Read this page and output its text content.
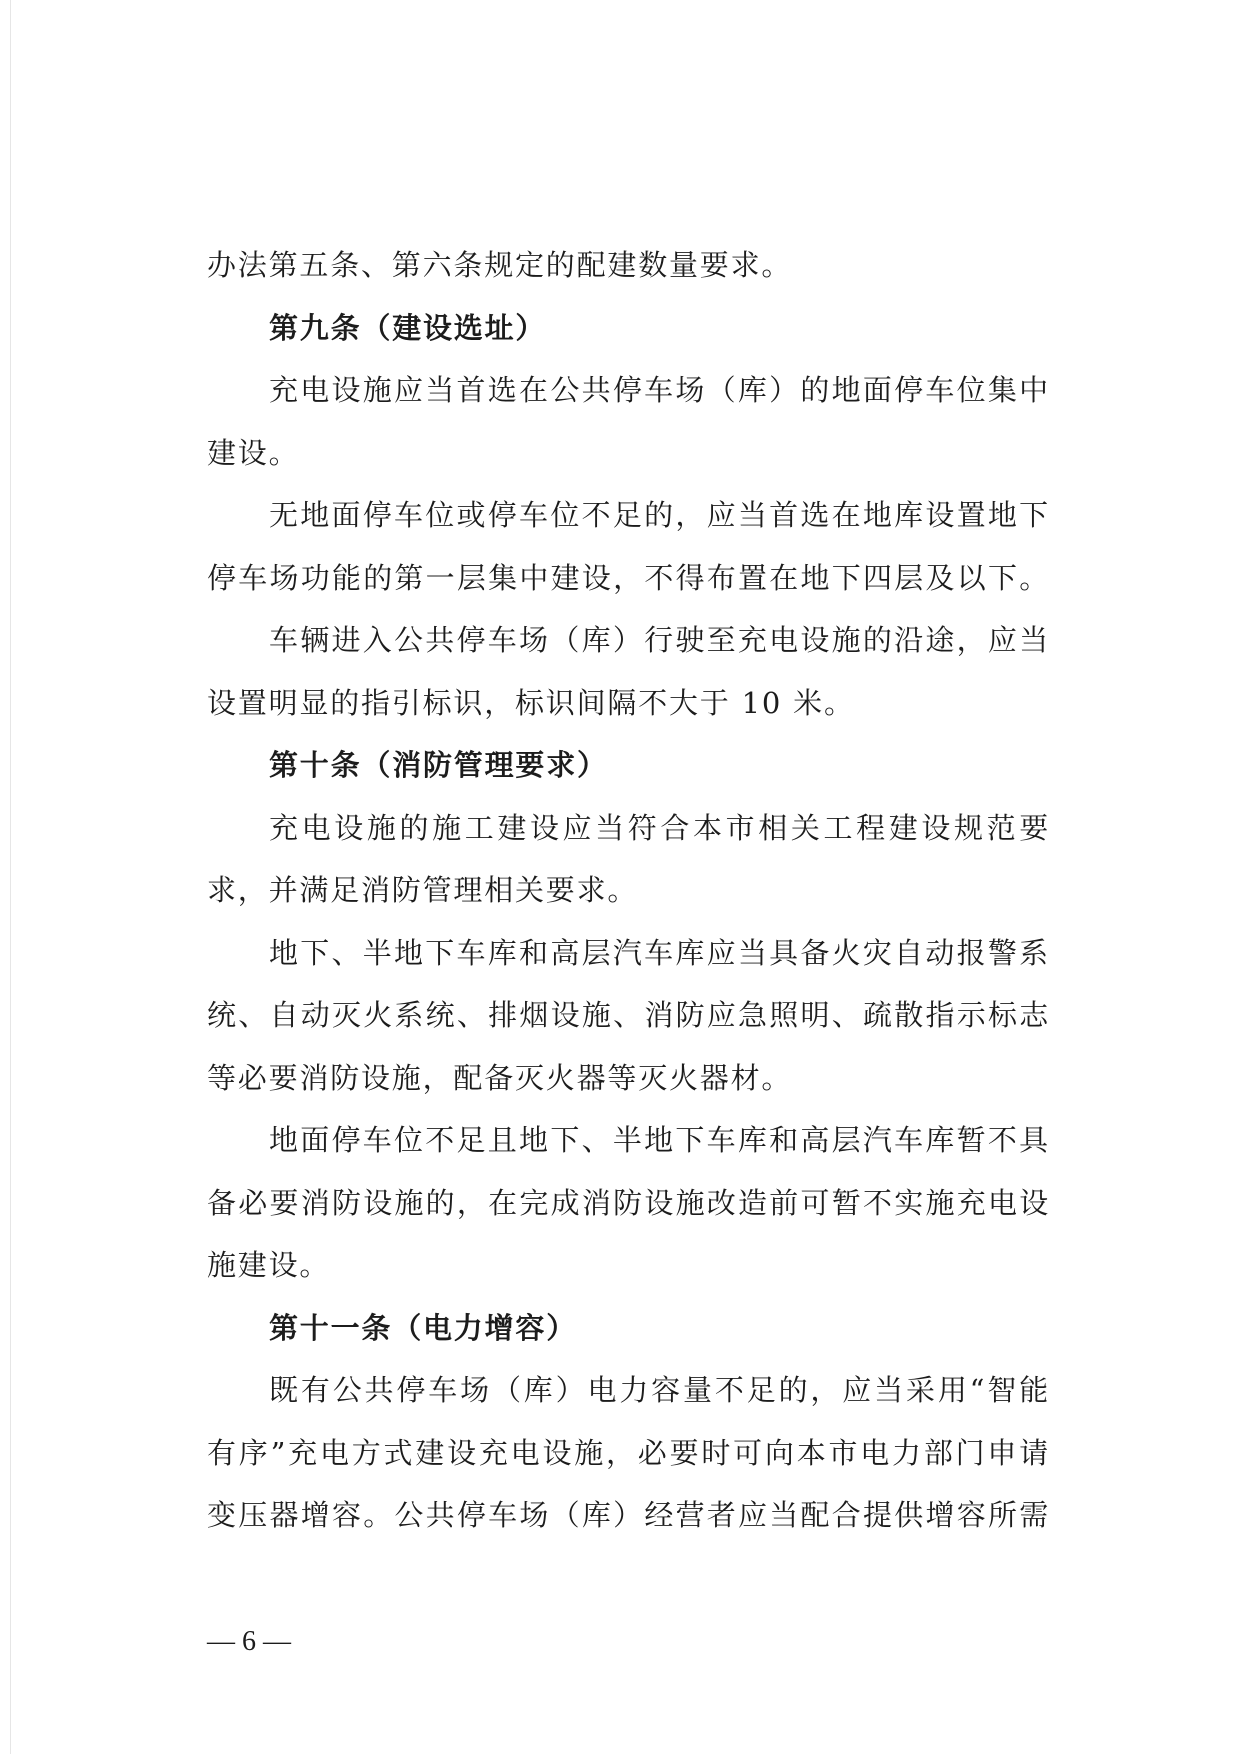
办法第五条、第六条规定的配建数量要求。
第九条（建设选址）
充电设施应当首选在公共停车场（库）的地面停车位集中
建设。
无地面停车位或停车位不足的，应当首选在地库设置地下
停车场功能的第一层集中建设，不得布置在地下四层及以下。
车辆进入公共停车场（库）行驶至充电设施的沿途，应当
设置明显的指引标识，标识间隔不大于 10 米。
第十条（消防管理要求）
充电设施的施工建设应当符合本市相关工程建设规范要
求，并满足消防管理相关要求。
地下、半地下车库和高层汽车库应当具备火灾自动报警系
统、自动灭火系统、排烟设施、消防应急照明、疏散指示标志
等必要消防设施，配备灭火器等灭火器材。
地面停车位不足且地下、半地下车库和高层汽车库暂不具
备必要消防设施的，在完成消防设施改造前可暂不实施充电设
施建设。
第十一条（电力增容）
既有公共停车场（库）电力容量不足的，应当采用“智能
有序”充电方式建设充电设施，必要时可向本市电力部门申请
变压器增容。公共停车场（库）经营者应当配合提供增容所需
— 6 —
